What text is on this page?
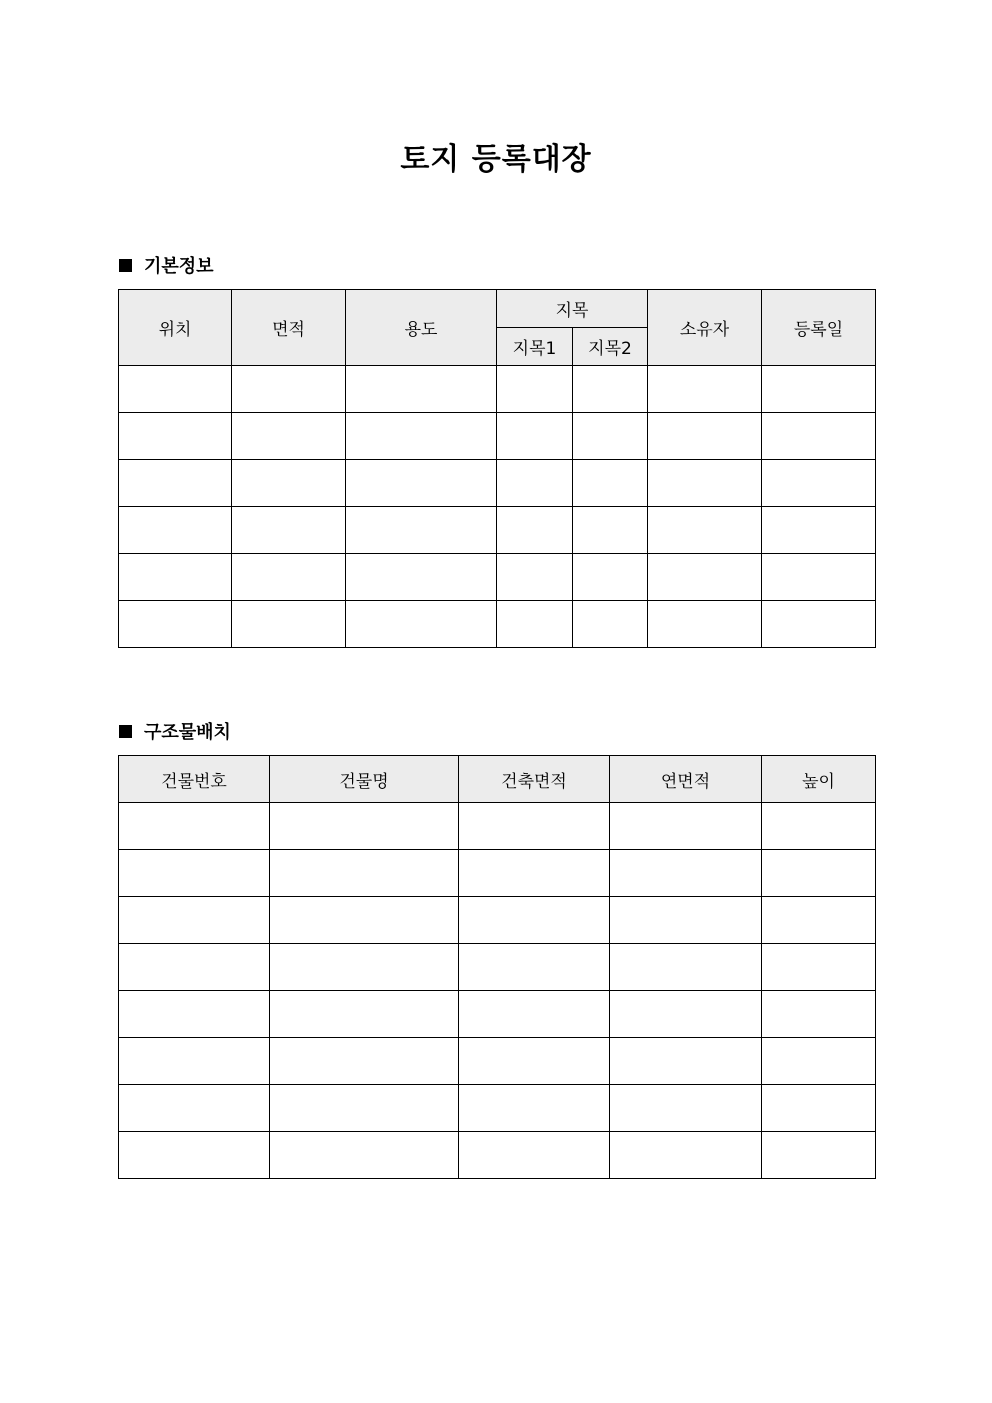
토지 등록대장
기본정보
위치	면적	용도	지목		소유자	등록일
			지목1	지목2		

구조물배치
건물번호	건물명	건축면적	연면적	높이
